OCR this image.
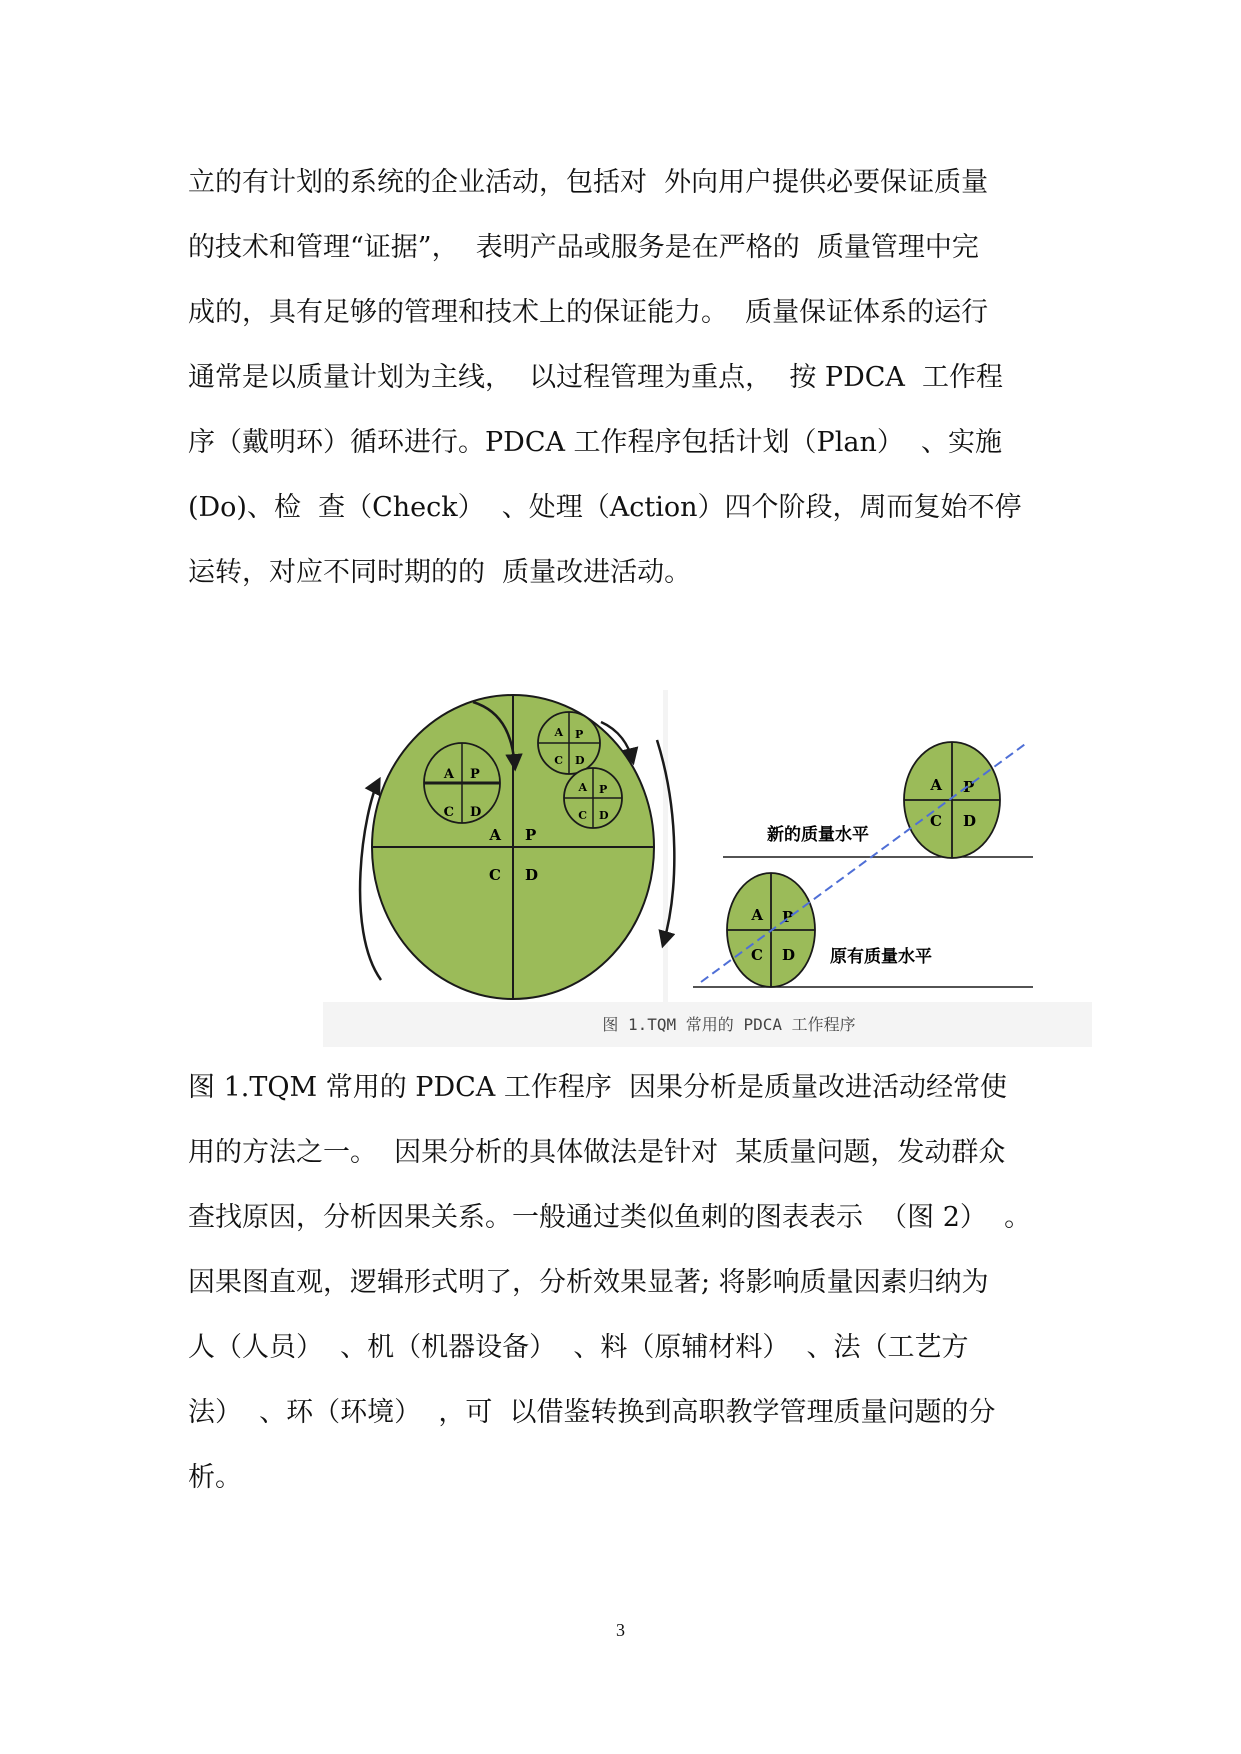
立的有计划的系统的企业活动，包括对  外向用户提供必要保证质量
的技术和管理“证据”，  表明产品或服务是在严格的  质量管理中完
成的，具有足够的管理和技术上的保证能力。  质量保证体系的运行
通常是以质量计划为主线，  以过程管理为重点，  按 PDCA  工作程
序（戴明环）循环进行。PDCA 工作程序包括计划（Plan）  、实施
(Do)、检  查（Check）  、处理（Action）四个阶段，周而复始不停
运转，对应不同时期的的  质量改进活动。
A P
C D
A P
C D
A P
C D
A P
C D
A P
C D
A P
C D
新的质量水平
原有质量水平
图 1.TQM 常用的 PDCA 工作程序
图 1.TQM 常用的 PDCA 工作程序  因果分析是质量改进活动经常使
用的方法之一。  因果分析的具体做法是针对  某质量问题，发动群众
查找原因，分析因果关系。一般通过类似鱼刺的图表表示  （图 2）  。
因果图直观，逻辑形式明了，分析效果显著; 将影响质量因素归纳为
人（人员）  、机（机器设备）  、料（原辅材料）  、法（工艺方
法）  、环（环境）  ，可  以借鉴转换到高职教学管理质量问题的分
析。
3
